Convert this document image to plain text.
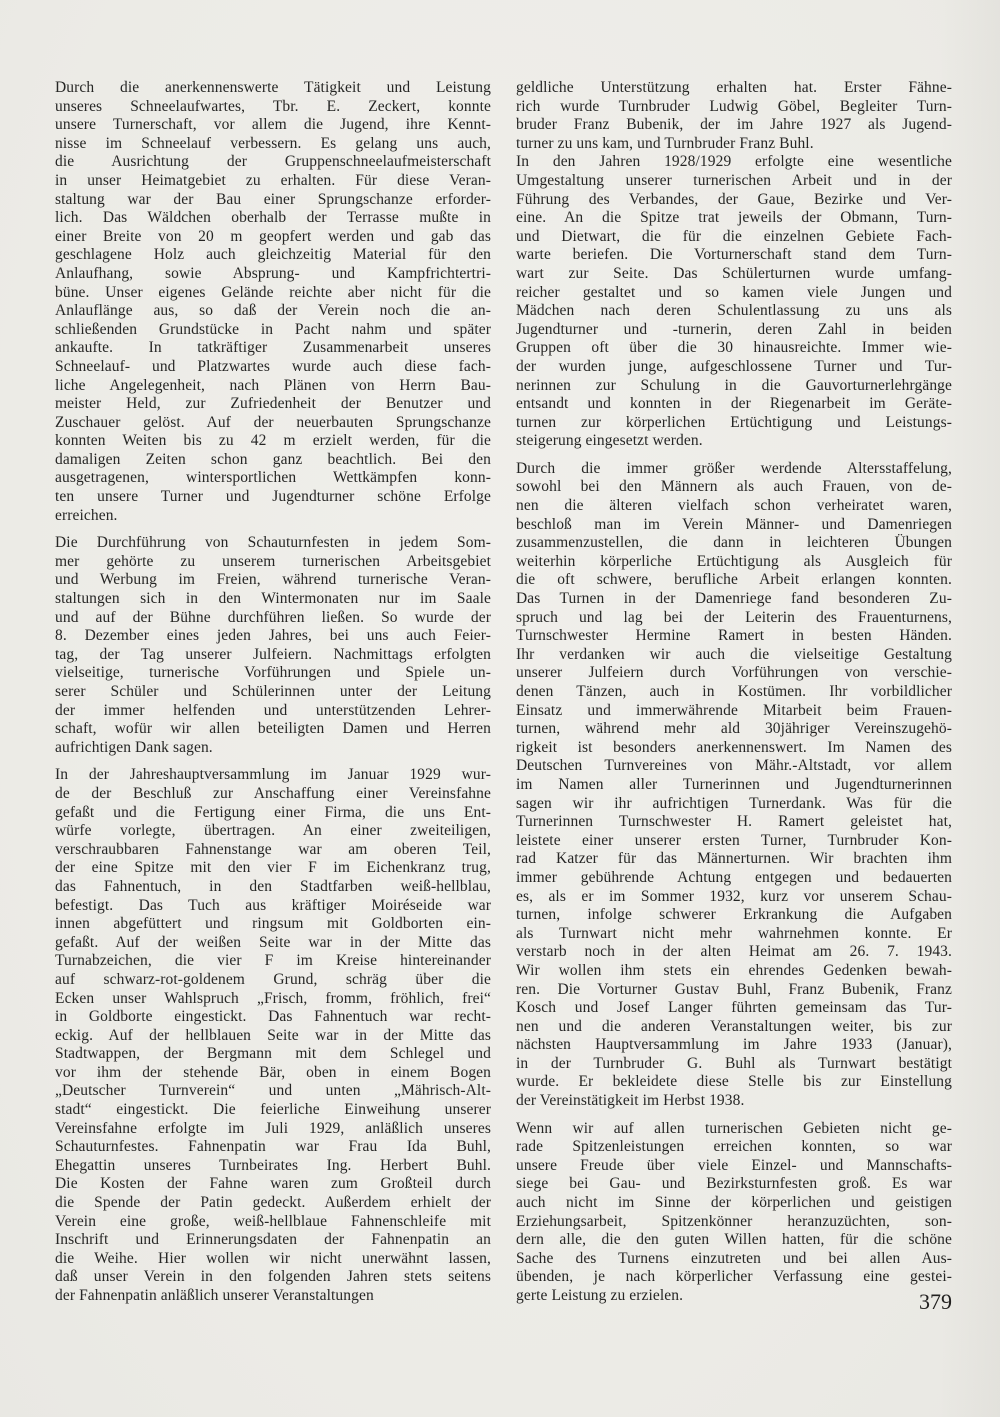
Durch die anerkennenswerte Tätigkeit und Leistung
unseres Schneelaufwartes, Tbr. E. Zeckert, konnte
unsere Turnerschaft, vor allem die Jugend, ihre Kennt-
nisse im Schneelauf verbessern. Es gelang uns auch,
die Ausrichtung der Gruppenschneelaufmeisterschaft
in unser Heimatgebiet zu erhalten. Für diese Veran-
staltung war der Bau einer Sprungschanze erforder-
lich. Das Wäldchen oberhalb der Terrasse mußte in
einer Breite von 20 m geopfert werden und gab das
geschlagene Holz auch gleichzeitig Material für den
Anlaufhang, sowie Absprung- und Kampfrichtertri-
büne. Unser eigenes Gelände reichte aber nicht für die
Anlauflänge aus, so daß der Verein noch die an-
schließenden Grundstücke in Pacht nahm und später
ankaufte. In tatkräftiger Zusammenarbeit unseres
Schneelauf- und Platzwartes wurde auch diese fach-
liche Angelegenheit, nach Plänen von Herrn Bau-
meister Held, zur Zufriedenheit der Benutzer und
Zuschauer gelöst. Auf der neuerbauten Sprungschanze
konnten Weiten bis zu 42 m erzielt werden, für die
damaligen Zeiten schon ganz beachtlich. Bei den
ausgetragenen, wintersportlichen Wettkämpfen konn-
ten unsere Turner und Jugendturner schöne Erfolge
erreichen.

Die Durchführung von Schauturnfesten in jedem Som-
mer gehörte zu unserem turnerischen Arbeitsgebiet
und Werbung im Freien, während turnerische Veran-
staltungen sich in den Wintermonaten nur im Saale
und auf der Bühne durchführen ließen. So wurde der
8. Dezember eines jeden Jahres, bei uns auch Feier-
tag, der Tag unserer Julfeiern. Nachmittags erfolgten
vielseitige, turnerische Vorführungen und Spiele un-
serer Schüler und Schülerinnen unter der Leitung
der immer helfenden und unterstützenden Lehrer-
schaft, wofür wir allen beteiligten Damen und Herren
aufrichtigen Dank sagen.

In der Jahreshauptversammlung im Januar 1929 wur-
de der Beschluß zur Anschaffung einer Vereinsfahne
gefaßt und die Fertigung einer Firma, die uns Ent-
würfe vorlegte, übertragen. An einer zweiteiligen,
verschraubbaren Fahnenstange war am oberen Teil,
der eine Spitze mit den vier F im Eichenkranz trug,
das Fahnentuch, in den Stadtfarben weiß-hellblau,
befestigt. Das Tuch aus kräftiger Moiréseide war
innen abgefüttert und ringsum mit Goldborten ein-
gefaßt. Auf der weißen Seite war in der Mitte das
Turnabzeichen, die vier F im Kreise hintereinander
auf schwarz-rot-goldenem Grund, schräg über die
Ecken unser Wahlspruch „Frisch, fromm, fröhlich, frei“
in Goldborte eingestickt. Das Fahnentuch war recht-
eckig. Auf der hellblauen Seite war in der Mitte das
Stadtwappen, der Bergmann mit dem Schlegel und
vor ihm der stehende Bär, oben in einem Bogen
„Deutscher Turnverein“ und unten „Mährisch-Alt-
stadt“ eingestickt. Die feierliche Einweihung unserer
Vereinsfahne erfolgte im Juli 1929, anläßlich unseres
Schauturnfestes. Fahnenpatin war Frau Ida Buhl,
Ehegattin unseres Turnbeirates Ing. Herbert Buhl.
Die Kosten der Fahne waren zum Großteil durch
die Spende der Patin gedeckt. Außerdem erhielt der
Verein eine große, weiß-hellblaue Fahnenschleife mit
Inschrift und Erinnerungsdaten der Fahnenpatin an
die Weihe. Hier wollen wir nicht unerwähnt lassen,
daß unser Verein in den folgenden Jahren stets seitens
der Fahnenpatin anläßlich unserer Veranstaltungen

geldliche Unterstützung erhalten hat. Erster Fähne-
rich wurde Turnbruder Ludwig Göbel, Begleiter Turn-
bruder Franz Bubenik, der im Jahre 1927 als Jugend-
turner zu uns kam, und Turnbruder Franz Buhl.

In den Jahren 1928/1929 erfolgte eine wesentliche
Umgestaltung unserer turnerischen Arbeit und in der
Führung des Verbandes, der Gaue, Bezirke und Ver-
eine. An die Spitze trat jeweils der Obmann, Turn-
und Dietwart, die für die einzelnen Gebiete Fach-
warte beriefen. Die Vorturnerschaft stand dem Turn-
wart zur Seite. Das Schülerturnen wurde umfang-
reicher gestaltet und so kamen viele Jungen und
Mädchen nach deren Schulentlassung zu uns als
Jugendturner und -turnerin, deren Zahl in beiden
Gruppen oft über die 30 hinausreichte. Immer wie-
der wurden junge, aufgeschlossene Turner und Tur-
nerinnen zur Schulung in die Gauvorturnerlehrgänge
entsandt und konnten in der Riegenarbeit im Geräte-
turnen zur körperlichen Ertüchtigung und Leistungs-
steigerung eingesetzt werden.

Durch die immer größer werdende Altersstaffelung,
sowohl bei den Männern als auch Frauen, von de-
nen die älteren vielfach schon verheiratet waren,
beschloß man im Verein Männer- und Damenriegen
zusammenzustellen, die dann in leichteren Übungen
weiterhin körperliche Ertüchtigung als Ausgleich für
die oft schwere, berufliche Arbeit erlangen konnten.
Das Turnen in der Damenriege fand besonderen Zu-
spruch und lag bei der Leiterin des Frauenturnens,
Turnschwester Hermine Ramert in besten Händen.
Ihr verdanken wir auch die vielseitige Gestaltung
unserer Julfeiern durch Vorführungen von verschie-
denen Tänzen, auch in Kostümen. Ihr vorbildlicher
Einsatz und immerwährende Mitarbeit beim Frauen-
turnen, während mehr ald 30jähriger Vereinszugehö-
rigkeit ist besonders anerkennenswert. Im Namen des
Deutschen Turnvereines von Mähr.-Altstadt, vor allem
im Namen aller Turnerinnen und Jugendturnerinnen
sagen wir ihr aufrichtigen Turnerdank. Was für die
Turnerinnen Turnschwester H. Ramert geleistet hat,
leistete einer unserer ersten Turner, Turnbruder Kon-
rad Katzer für das Männerturnen. Wir brachten ihm
immer gebührende Achtung entgegen und bedauerten
es, als er im Sommer 1932, kurz vor unserem Schau-
turnen, infolge schwerer Erkrankung die Aufgaben
als Turnwart nicht mehr wahrnehmen konnte. Er
verstarb noch in der alten Heimat am 26. 7. 1943.
Wir wollen ihm stets ein ehrendes Gedenken bewah-
ren. Die Vorturner Gustav Buhl, Franz Bubenik, Franz
Kosch und Josef Langer führten gemeinsam das Tur-
nen und die anderen Veranstaltungen weiter, bis zur
nächsten Hauptversammlung im Jahre 1933 (Januar),
in der Turnbruder G. Buhl als Turnwart bestätigt
wurde. Er bekleidete diese Stelle bis zur Einstellung
der Vereinstätigkeit im Herbst 1938.

Wenn wir auf allen turnerischen Gebieten nicht ge-
rade Spitzenleistungen erreichen konnten, so war
unsere Freude über viele Einzel- und Mannschafts-
siege bei Gau- und Bezirksturnfesten groß. Es war
auch nicht im Sinne der körperlichen und geistigen
Erziehungsarbeit, Spitzenkönner heranzuzüchten, son-
dern alle, die den guten Willen hatten, für die schöne
Sache des Turnens einzutreten und bei allen Aus-
übenden, je nach körperlicher Verfassung eine gestei-
gerte Leistung zu erzielen.	379
